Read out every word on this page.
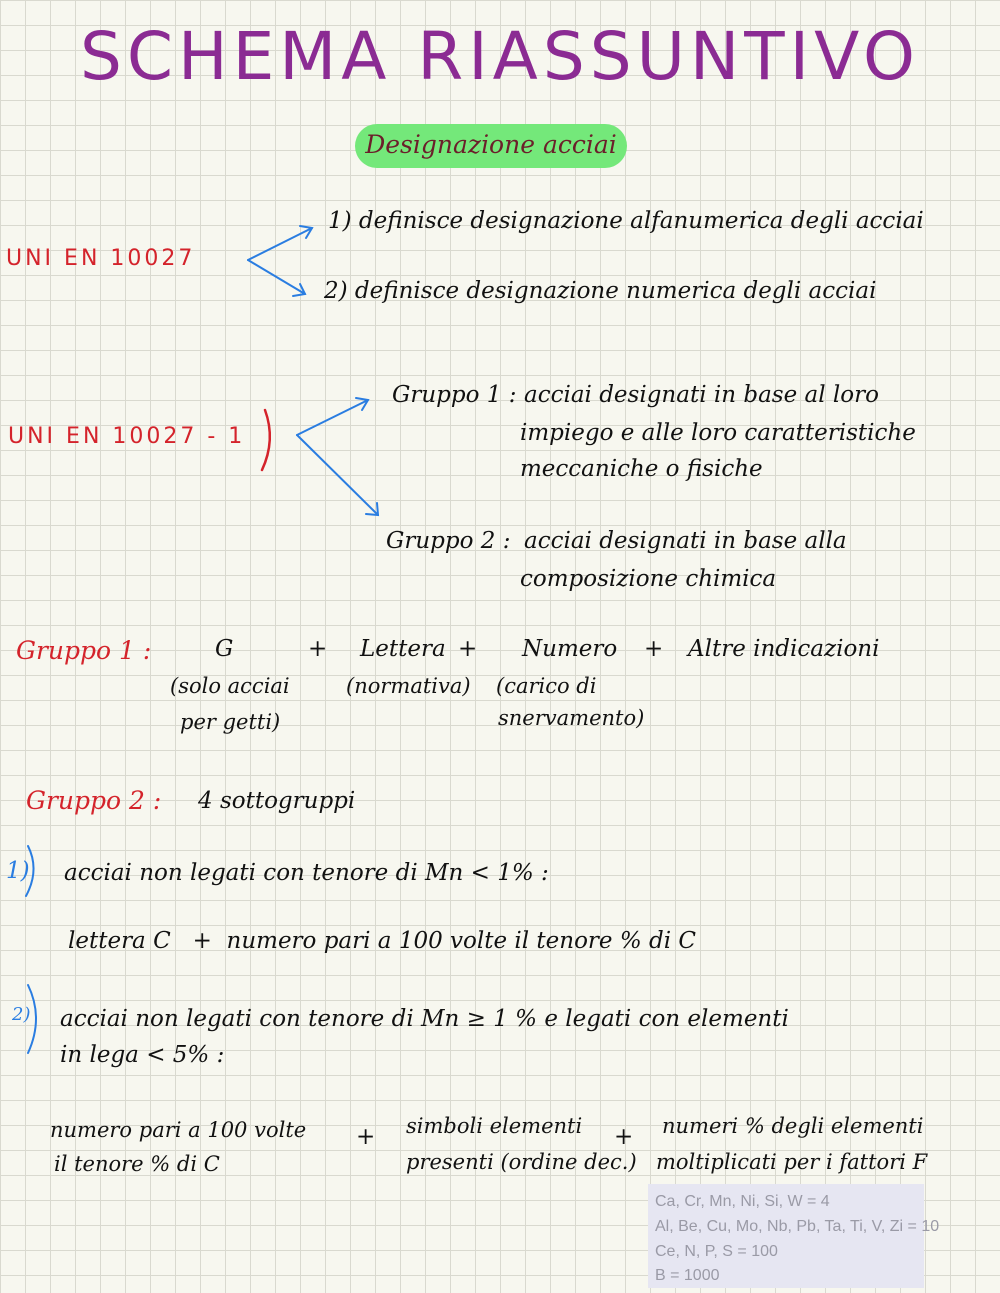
SCHEMA RIASSUNTIVO
Designazione acciai
UNI EN 10027
1) definisce designazione alfanumerica degli acciai
2) definisce designazione numerica degli acciai
UNI EN 10027 - 1
Gruppo 1 : acciai designati in base al loro
impiego e alle loro caratteristiche
meccaniche o fisiche
Gruppo 2 : acciai designati in base alla
composizione chimica
Gruppo 1 :	G
(solo acciai
per getti)
+ Lettera
(normativa)
+ Numero
(carico di
snervamento)
+ Altre indicazioni
Gruppo 2 : 4 sottogruppi
1) acciai non legati con tenore di Mn < 1% :
lettera C   +  numero pari a 100 volte il tenore % di C
2) acciai non legati con tenore di Mn ≥ 1 % e legati con elementi
in lega < 5% :
numero pari a 100 volte
il tenore % di C
+ simboli elementi
presenti (ordine dec.)
+ numeri % degli elementi
moltiplicati per i fattori F
Ca, Cr, Mn, Ni, Si, W = 4
Al, Be, Cu, Mo, Nb, Pb, Ta, Ti, V, Zi = 10
Ce, N, P, S = 100
B = 1000
